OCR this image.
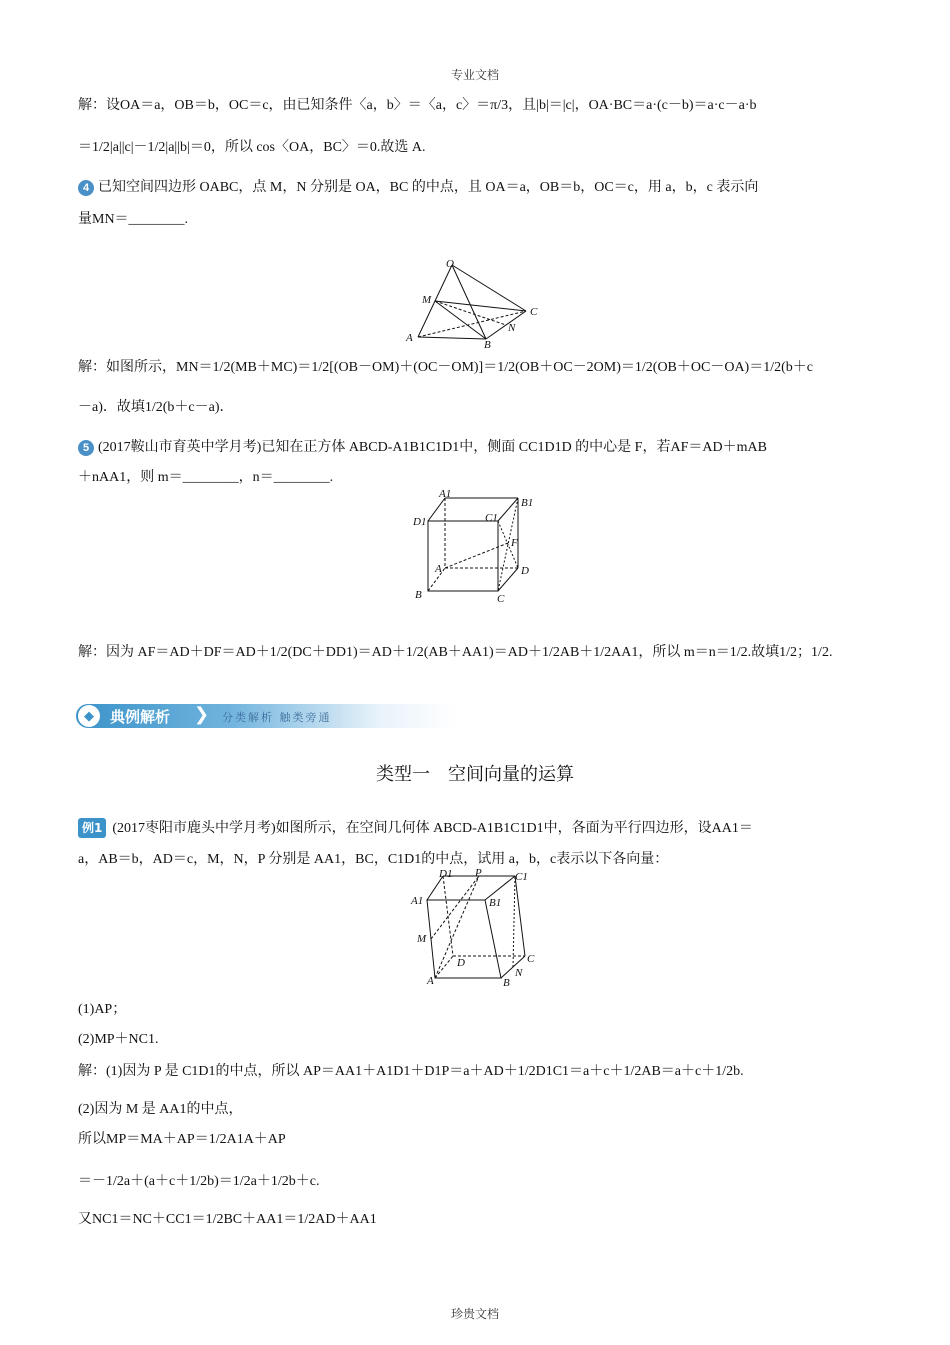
专业文档
解：设OA＝a，OB＝b，OC＝c，由已知条件〈a，b〉＝〈a，c〉＝π/3，且|b|＝|c|，OA·BC＝a·(c－b)＝a·c－a·b
＝1/2|a||c|－1/2|a||b|＝0，所以 cos〈OA，BC〉＝0.故选 A.
4 已知空间四边形 OABC，点 M，N 分别是 OA，BC 的中点，且 OA＝a，OB＝b，OC＝c，用 a，b，c 表示向
量MN＝________.
O
M
C
N
A
B
解：如图所示，MN＝1/2(MB＋MC)＝1/2[(OB－OM)＋(OC－OM)]＝1/2(OB＋OC－2OM)＝1/2(OB＋OC－OA)＝1/2(b＋c
－a)．故填1/2(b＋c－a)．
5 (2017鞍山市育英中学月考)已知在正方体 ABCD-A1B1C1D1中，侧面 CC1D1D 的中心是 F，若AF＝AD＋mAB
＋nAA1，则 m＝________，n＝________.
A1
D1
B1
C1
F
A	D
B	C
解：因为 AF＝AD＋DF＝AD＋1/2(DC＋DD1)＝AD＋1/2(AB＋AA1)＝AD＋1/2AB＋1/2AA1，所以 m＝n＝1/2.故填1/2；1/2.
◆	典例解析 ❯ 分类解析 触类旁通
类型一　空间向量的运算
例1 (2017枣阳市鹿头中学月考)如图所示，在空间几何体 ABCD-A1B1C1D1中，各面为平行四边形，设AA1＝
a，AB＝b，AD＝c，M，N，P 分别是 AA1，BC，C1D1的中点，试用 a，b，c表示以下各向量：
D1 P	C1
A1	B1
M
D	C
N
A	B
(1)AP；
(2)MP＋NC1.
解：(1)因为 P 是 C1D1的中点，所以 AP＝AA1＋A1D1＋D1P＝a＋AD＋1/2D1C1＝a＋c＋1/2AB＝a＋c＋1/2b.
(2)因为 M 是 AA1的中点，
所以MP＝MA＋AP＝1/2A1A＋AP
＝－1/2a＋(a＋c＋1/2b)＝1/2a＋1/2b＋c.
又NC1＝NC＋CC1＝1/2BC＋AA1＝1/2AD＋AA1
珍贵文档
